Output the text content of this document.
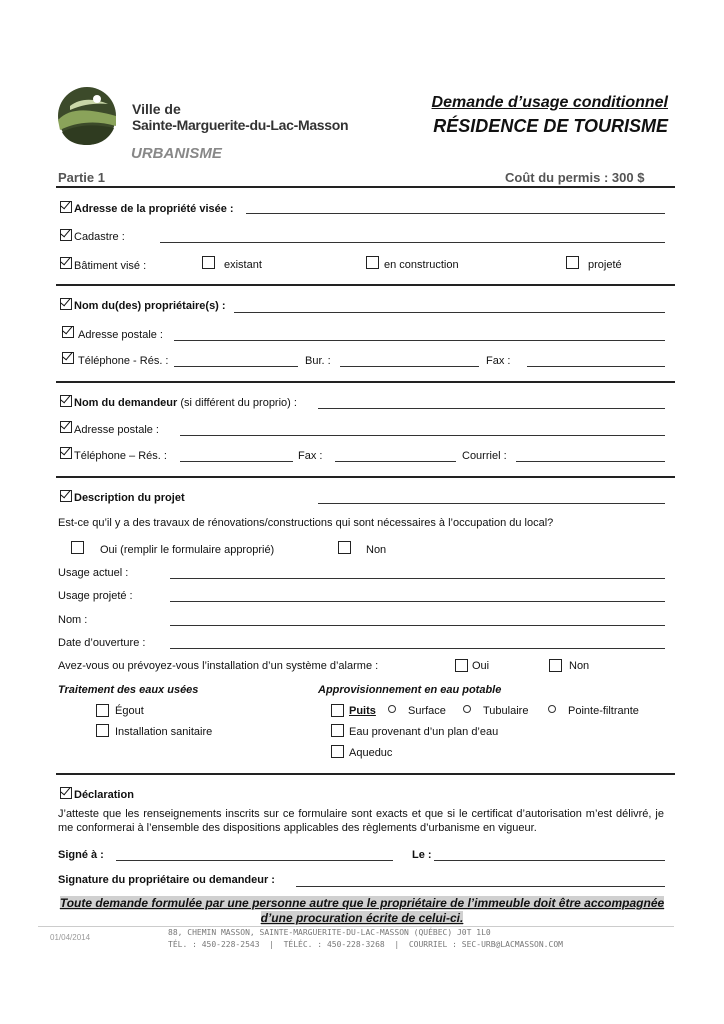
Ville de
Sainte-Marguerite-du-Lac-Masson
URBANISME
Demande d’usage conditionnel
RÉSIDENCE DE TOURISME
Partie 1	Coût du permis : 300 $
Adresse de la propriété visée :
Cadastre :
Bâtiment visé :	existant	en construction	projeté
Nom du(des) propriétaire(s) :
Adresse postale :
Téléphone - Rés. :	Bur. :	Fax :
Nom du demandeur (si différent du proprio) :
Adresse postale :
Téléphone – Rés. :	Fax :	Courriel :
Description du projet
Est-ce qu’il y a des travaux de rénovations/constructions qui sont nécessaires à l’occupation du local?
Oui (remplir le formulaire approprié)	Non
Usage actuel :
Usage projeté :
Nom :
Date d’ouverture :
Avez-vous ou prévoyez-vous l’installation d’un système d’alarme :	Oui	Non
Traitement des eaux usées	Approvisionnement en eau potable
Égout
Installation sanitaire
Puits	Surface	Tubulaire	Pointe-filtrante
Eau provenant d’un plan d’eau
Aqueduc
Déclaration
J’atteste que les renseignements inscrits sur ce formulaire sont exacts et que si le certificat d’autorisation m’est délivré, je me conformerai à l’ensemble des dispositions applicables des règlements d’urbanisme en vigueur.
Signé à :	Le :
Signature du propriétaire ou demandeur :
Toute demande formulée par une personne autre que le propriétaire de l’immeuble doit être accompagnée d’une procuration écrite de celui-ci.
01/04/2014
88, CHEMIN MASSON, SAINTE-MARGUERITE-DU-LAC-MASSON (QUÉBEC) J0T 1L0
TÉL. : 450-228-2543  |  TÉLÉC. : 450-228-3268  |  COURRIEL : SEC-URB@LACMASSON.COM
